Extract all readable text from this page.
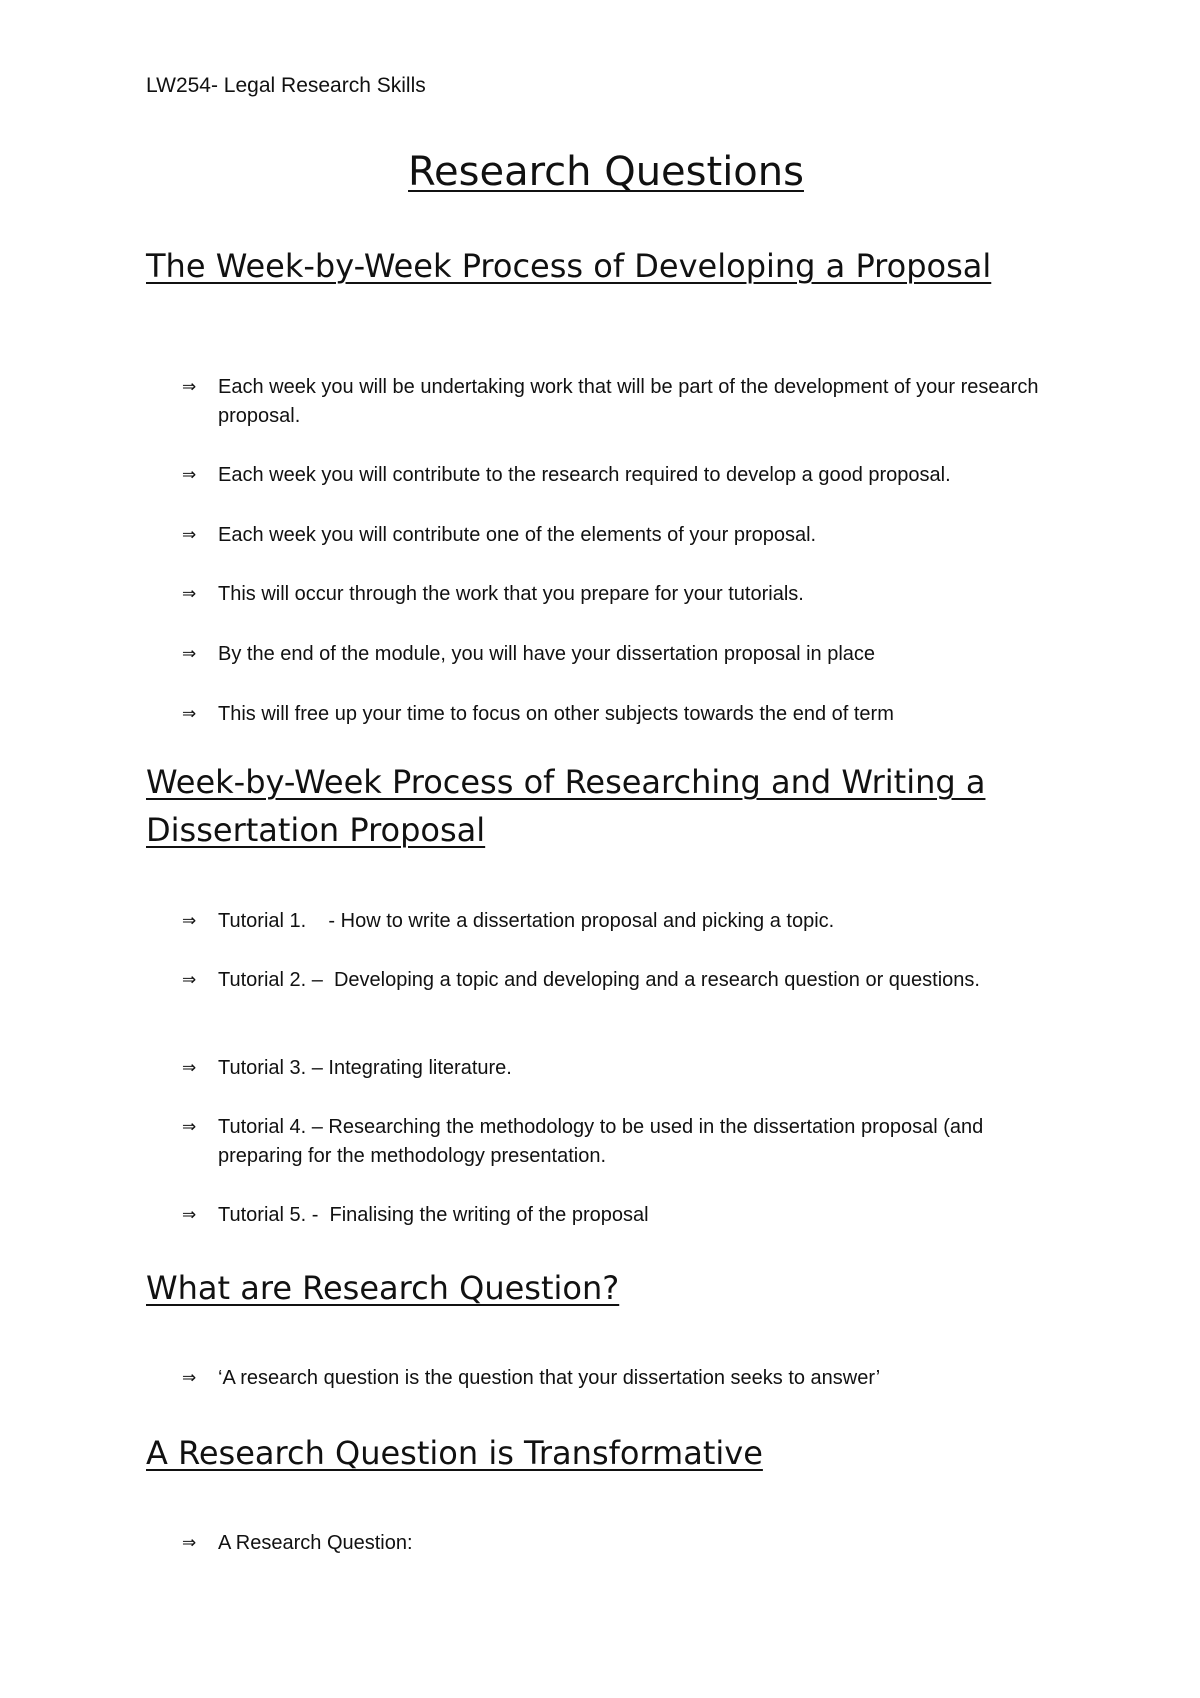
LW254- Legal Research Skills
Research Questions
The Week-by-Week Process of Developing a Proposal
⇒	Each week you will be undertaking work that will be part of the development of your research proposal.
⇒	Each week you will contribute to the research required to develop a good proposal.
⇒	Each week you will contribute one of the elements of your proposal.
⇒	This will occur through the work that you prepare for your tutorials.
⇒	By the end of the module, you will have your dissertation proposal in place
⇒	This will free up your time to focus on other subjects towards the end of term
Week-by-Week Process of Researching and Writing a Dissertation Proposal
⇒	Tutorial 1.    - How to write a dissertation proposal and picking a topic.
⇒	Tutorial 2. –  Developing a topic and developing and a research question or questions.
⇒	Tutorial 3. – Integrating literature.
⇒	Tutorial 4. – Researching the methodology to be used in the dissertation proposal (and preparing for the methodology presentation.
⇒	Tutorial 5. -  Finalising the writing of the proposal
What are Research Question?
⇒	‘A research question is the question that your dissertation seeks to answer’
A Research Question is Transformative
⇒	A Research Question:
